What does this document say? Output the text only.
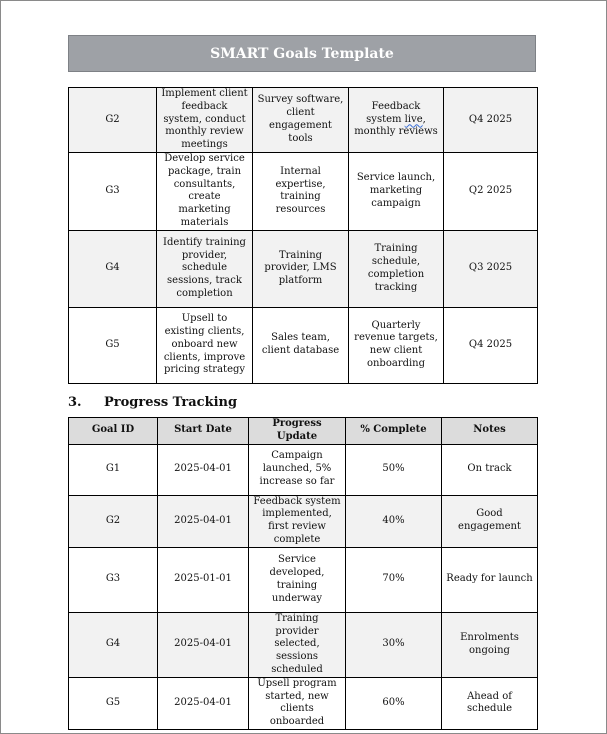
SMART Goals Template
G2	Implement client feedback system, conduct monthly review meetings	Survey software, client engagement tools	Feedback system live, monthly reviews	Q4 2025
G3	Develop service package, train consultants, create marketing materials	Internal expertise, training resources	Service launch, marketing campaign	Q2 2025
G4	Identify training provider, schedule sessions, track completion	Training provider, LMS platform	Training schedule, completion tracking	Q3 2025
G5	Upsell to existing clients, onboard new clients, improve pricing strategy	Sales team, client database	Quarterly revenue targets, new client onboarding	Q4 2025
3. Progress Tracking
Goal ID	Start Date	Progress Update	% Complete	Notes
G1	2025-04-01	Campaign launched, 5% increase so far	50%	On track
G2	2025-04-01	Feedback system implemented, first review complete	40%	Good engagement
G3	2025-01-01	Service developed, training underway	70%	Ready for launch
G4	2025-04-01	Training provider selected, sessions scheduled	30%	Enrolments ongoing
G5	2025-04-01	Upsell program started, new clients onboarded	60%	Ahead of schedule
